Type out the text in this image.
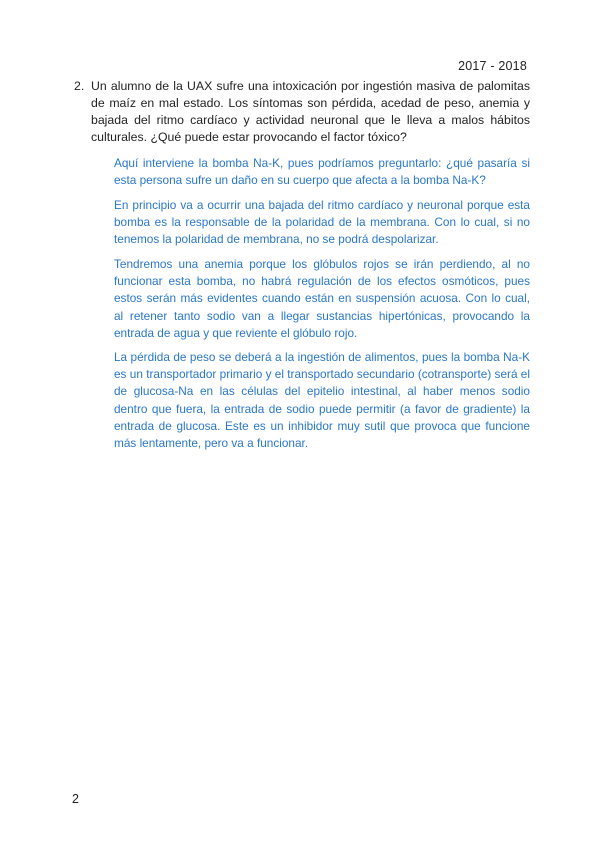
2017 - 2018
2. Un alumno de la UAX sufre una intoxicación por ingestión masiva de palomitas de maíz en mal estado. Los síntomas son pérdida, acedad de peso, anemia y bajada del ritmo cardíaco y actividad neuronal que le lleva a malos hábitos culturales. ¿Qué puede estar provocando el factor tóxico?

Aquí interviene la bomba Na-K, pues podríamos preguntarlo: ¿qué pasaría si esta persona sufre un daño en su cuerpo que afecta a la bomba Na-K?

En principio va a ocurrir una bajada del ritmo cardíaco y neuronal porque esta bomba es la responsable de la polaridad de la membrana. Con lo cual, si no tenemos la polaridad de membrana, no se podrá despolarizar.

Tendremos una anemia porque los glóbulos rojos se irán perdiendo, al no funcionar esta bomba, no habrá regulación de los efectos osmóticos, pues estos serán más evidentes cuando están en suspensión acuosa. Con lo cual, al retener tanto sodio van a llegar sustancias hipertónicas, provocando la entrada de agua y que reviente el glóbulo rojo.

La pérdida de peso se deberá a la ingestión de alimentos, pues la bomba Na-K es un transportador primario y el transportado secundario (cotransporte) será el de glucosa-Na en las células del epitelio intestinal, al haber menos sodio dentro que fuera, la entrada de sodio puede permitir (a favor de gradiente) la entrada de glucosa. Este es un inhibidor muy sutil que provoca que funcione más lentamente, pero va a funcionar.

2
